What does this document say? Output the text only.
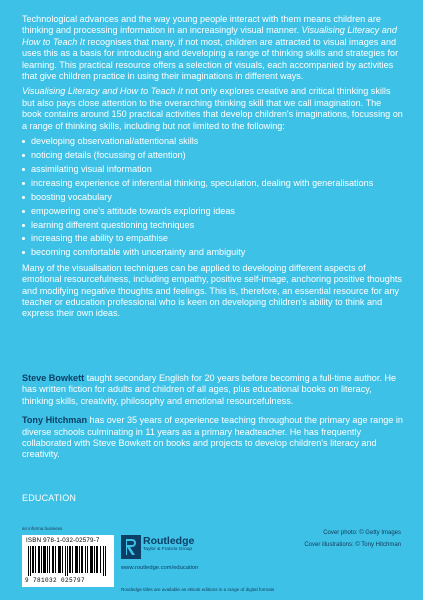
Technological advances and the way young people interact with them means children are thinking and processing information in an increasingly visual manner. Visualising Literacy and How to Teach It recognises that many, if not most, children are attracted to visual images and uses this as a basis for introducing and developing a range of thinking skills and strategies for learning. This practical resource offers a selection of visuals, each accompanied by activities that give children practice in using their imaginations in different ways.

Visualising Literacy and How to Teach It not only explores creative and critical thinking skills but also pays close attention to the overarching thinking skill that we call imagination. The book contains around 150 practical activities that develop children's imaginations, focussing on a range of thinking skills, including but not limited to the following:

developing observational/attentional skills
noticing details (focussing of attention)
assimilating visual information
increasing experience of inferential thinking, speculation, dealing with generalisations
boosting vocabulary
empowering one's attitude towards exploring ideas
learning different questioning techniques
increasing the ability to empathise
becoming comfortable with uncertainty and ambiguity

Many of the visualisation techniques can be applied to developing different aspects of emotional resourcefulness, including empathy, positive self-image, anchoring positive thoughts and modifying negative thoughts and feelings. This is, therefore, an essential resource for any teacher or education professional who is keen on developing children's ability to think and express their own ideas.

Steve Bowkett taught secondary English for 20 years before becoming a full-time author. He has written fiction for adults and children of all ages, plus educational books on literacy, thinking skills, creativity, philosophy and emotional resourcefulness.

Tony Hitchman has over 35 years of experience teaching throughout the primary age range in diverse schools culminating in 11 years as a primary headteacher. He has frequently collaborated with Steve Bowkett on books and projects to develop children's literacy and creativity.

EDUCATION
an informa business
ISBN 978-1-032-02579-7
9 781032 025797
Routledge
Taylor & Francis Group
www.routledge.com/education
Cover photo: © Getty Images
Cover illustrations: © Tony Hitchman
Routledge titles are available as eBook editions in a range of digital formats
